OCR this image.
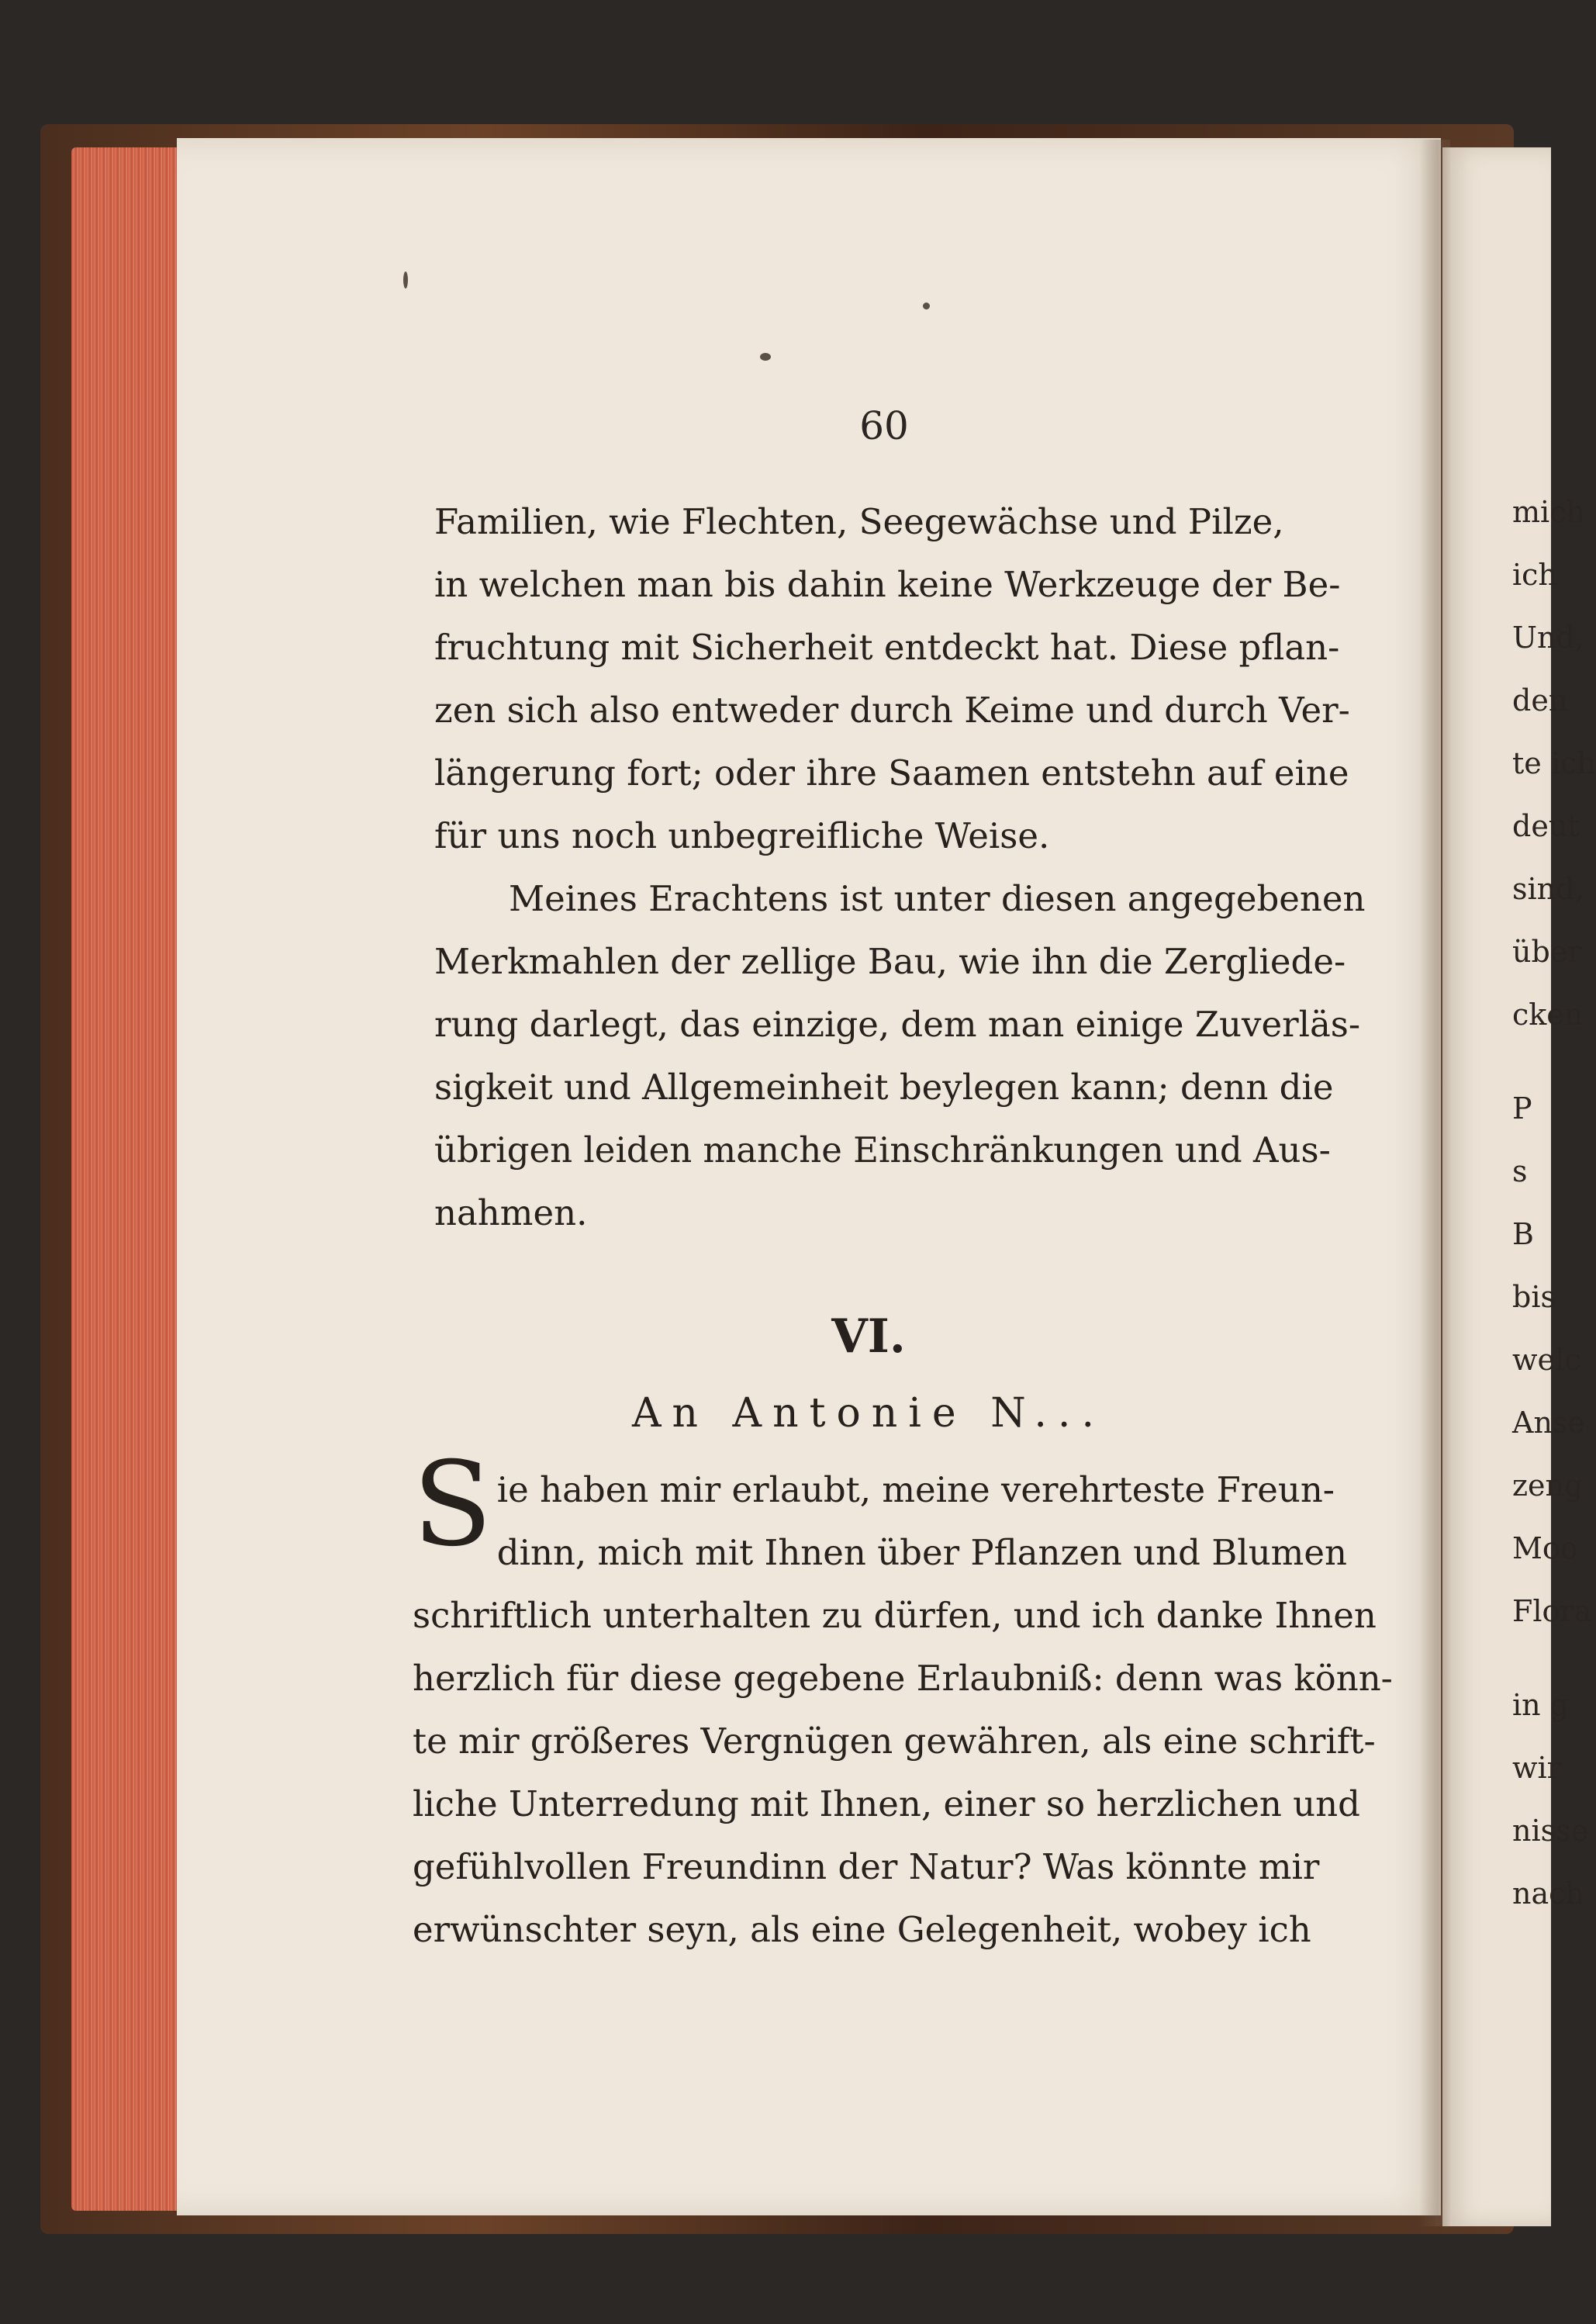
60

Familien, wie Flechten, Seegewächse und Pilze,
in welchen man bis dahin keine Werkzeuge der Be-
fruchtung mit Sicherheit entdeckt hat. Diese pflan-
zen sich also entweder durch Keime und durch Ver-
längerung fort; oder ihre Saamen entstehn auf eine
für uns noch unbegreifliche Weise.

Meines Erachtens ist unter diesen angegebenen
Merkmahlen der zellige Bau, wie ihn die Zergliede-
rung darlegt, das einzige, dem man einige Zuverläs-
sigkeit und Allgemeinheit beylegen kann; denn die
übrigen leiden manche Einschränkungen und Aus-
nahmen.

VI.
An Antonie N...
S ie haben mir erlaubt, meine verehrteste Freun-
dinn, mich mit Ihnen über Pflanzen und Blumen
schriftlich unterhalten zu dürfen, und ich danke Ihnen
herzlich für diese gegebene Erlaubniß: denn was könn-
te mir größeres Vergnügen gewähren, als eine schrift-
liche Unterredung mit Ihnen, einer so herzlichen und
gefühlvollen Freundinn der Natur? Was könnte mir
erwünschter seyn, als eine Gelegenheit, wobey ich
mich
ich
Und,
den
te ich
deut
sind,
über
cken
P
s
B
bis
welc
Anse
zeng
Moo
Flora
in g
wir
nisse
nach
